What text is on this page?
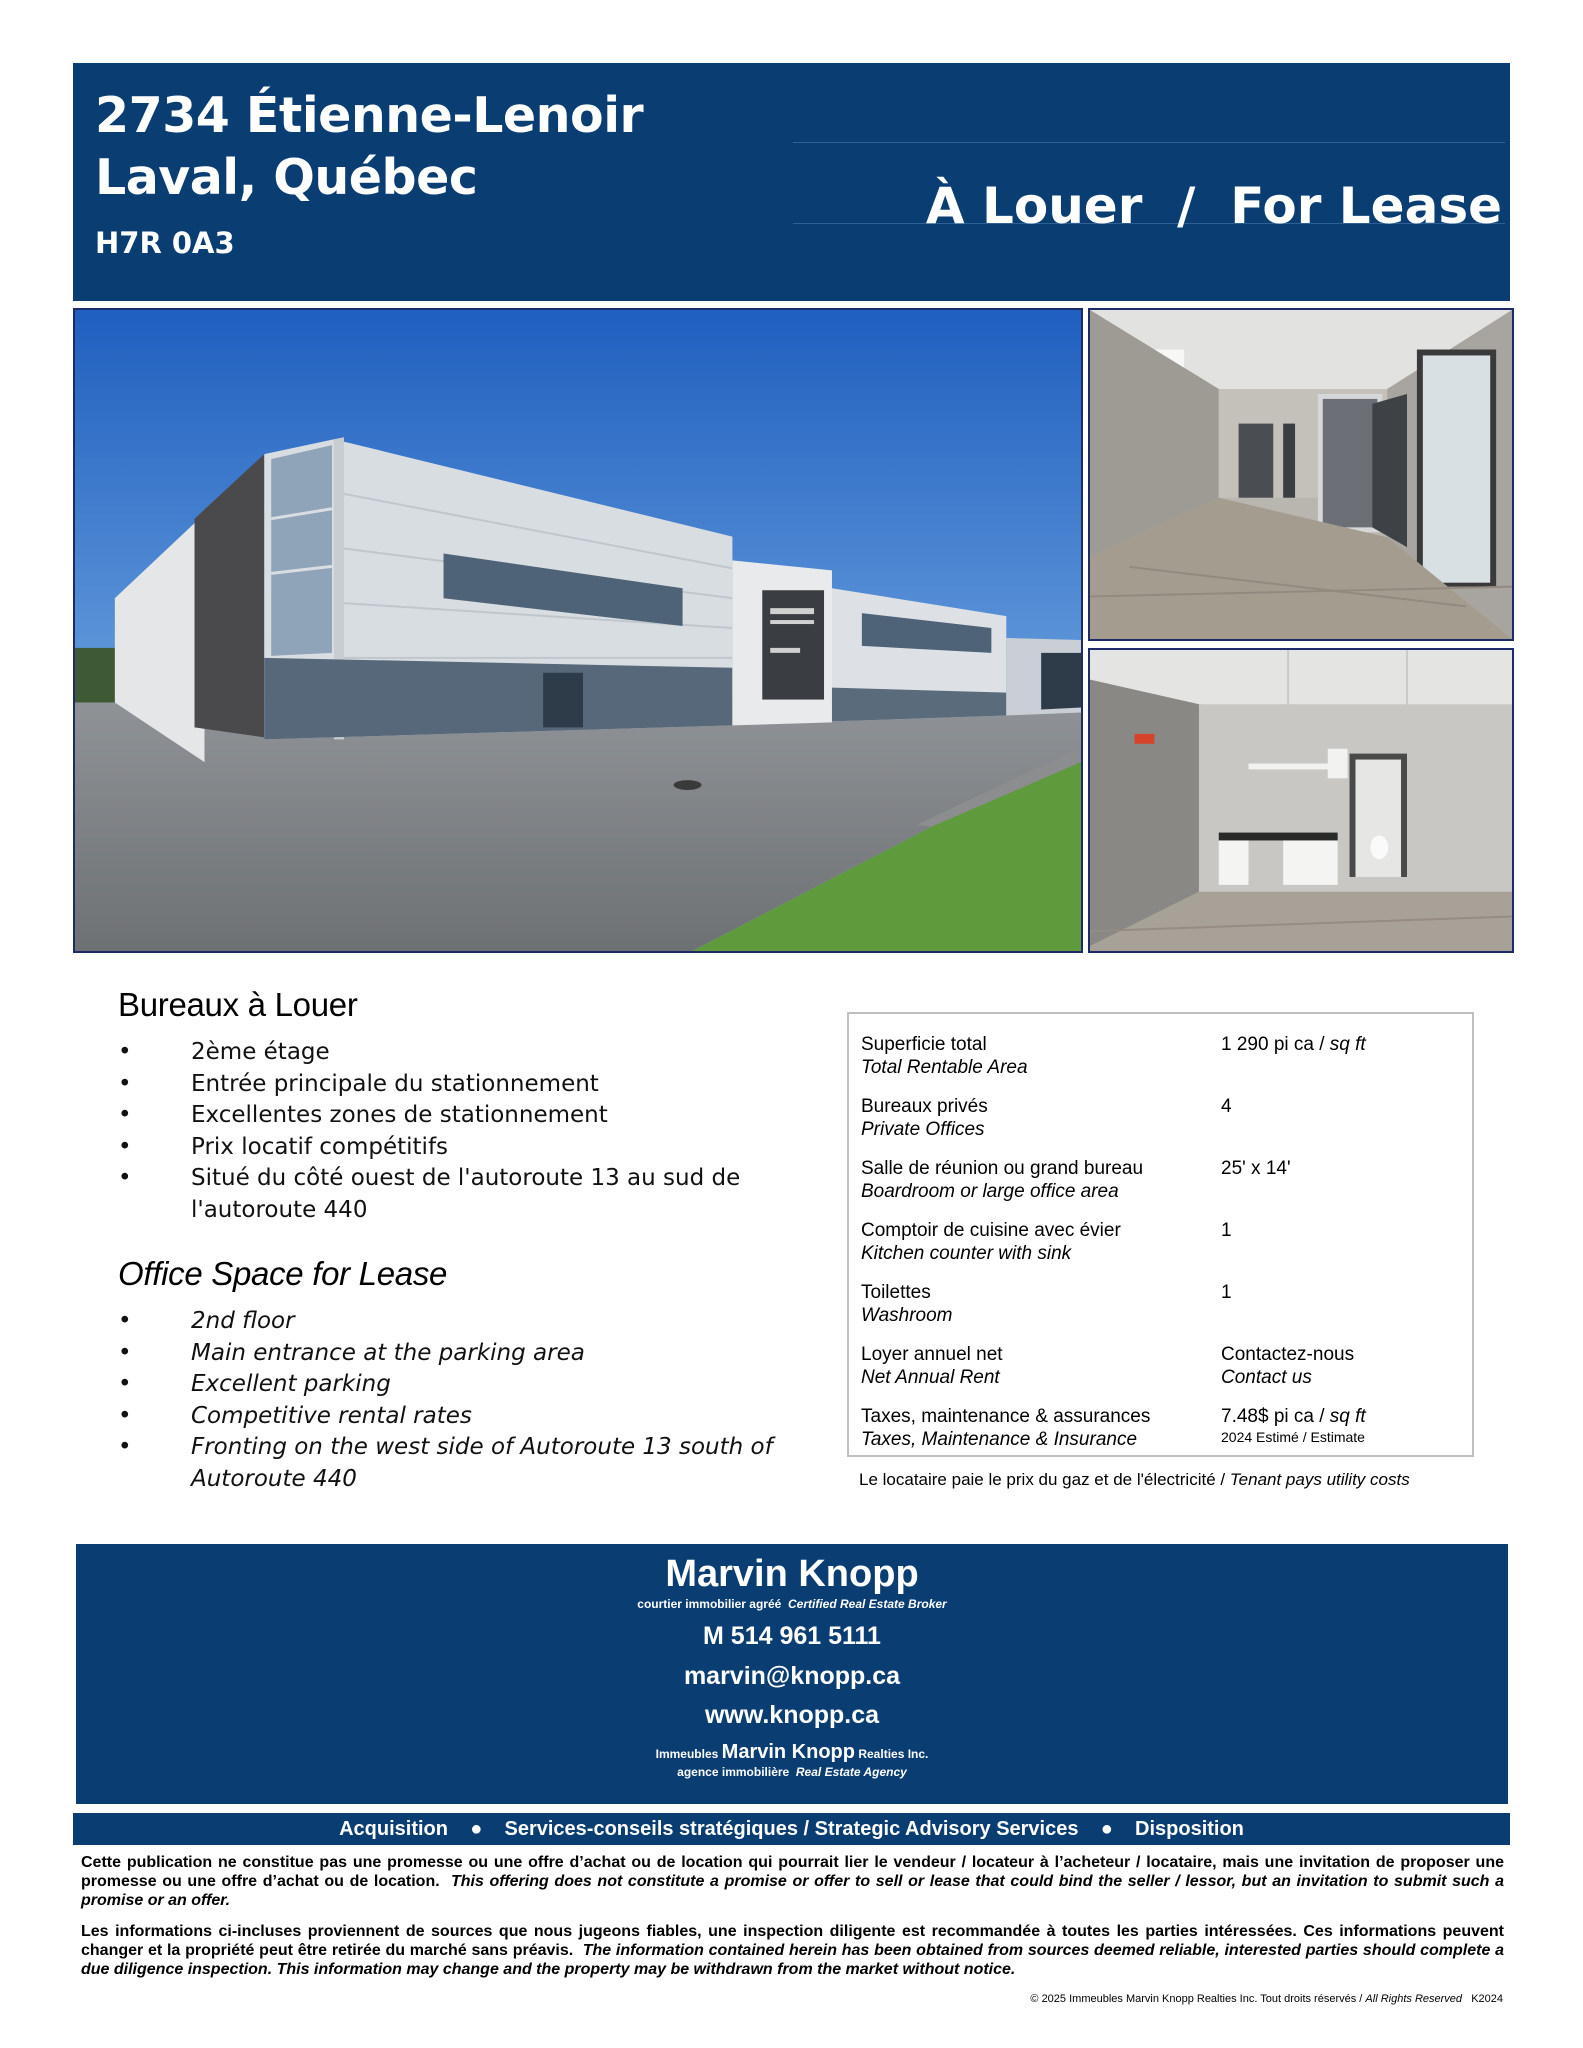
2734 Étienne-Lenoir
Laval, Québec
H7R 0A3
À Louer  /  For Lease
Bureaux à Louer
• 2ème étage
• Entrée principale du stationnement
• Excellentes zones de stationnement
• Prix locatif compétitifs
• Situé du côté ouest de l'autoroute 13 au sud de l'autoroute 440
Office Space for Lease
• 2nd floor
• Main entrance at the parking area
• Excellent parking
• Competitive rental rates
• Fronting on the west side of Autoroute 13 south of Autoroute 440
Superficie total
Total Rentable Area
1 290 pi ca / sq ft
Bureaux privés
Private Offices
4
Salle de réunion ou grand bureau
Boardroom or large office area
25' x 14'
Comptoir de cuisine avec évier
Kitchen counter with sink
1
Toilettes
Washroom
1
Loyer annuel net
Net Annual Rent
Contactez-nous
Contact us
Taxes, maintenance & assurances
Taxes, Maintenance & Insurance
7.48$ pi ca / sq ft
2024 Estimé / Estimate
Le locataire paie le prix du gaz et de l'électricité / Tenant pays utility costs
Marvin Knopp
courtier immobilier agréé Certified Real Estate Broker
M 514 961 5111
marvin@knopp.ca
www.knopp.ca
Immeubles Marvin Knopp Realties Inc.
agence immobilière Real Estate Agency
Acquisition    ●    Services-conseils stratégiques / Strategic Advisory Services    ●    Disposition
Cette publication ne constitue pas une promesse ou une offre d’achat ou de location qui pourrait lier le vendeur / locateur à l’acheteur / locataire, mais une invitation de proposer une promesse ou une offre d’achat ou de location. This offering does not constitute a promise or offer to sell or lease that could bind the seller / lessor, but an invitation to submit such a promise or an offer.
Les informations ci-incluses proviennent de sources que nous jugeons fiables, une inspection diligente est recommandée à toutes les parties intéressées. Ces informations peuvent changer et la propriété peut être retirée du marché sans préavis. The information contained herein has been obtained from sources deemed reliable, interested parties should complete a due diligence inspection. This information may change and the property may be withdrawn from the market without notice.
© 2025 Immeubles Marvin Knopp Realties Inc. Tout droits réservés / All Rights Reserved K2024
